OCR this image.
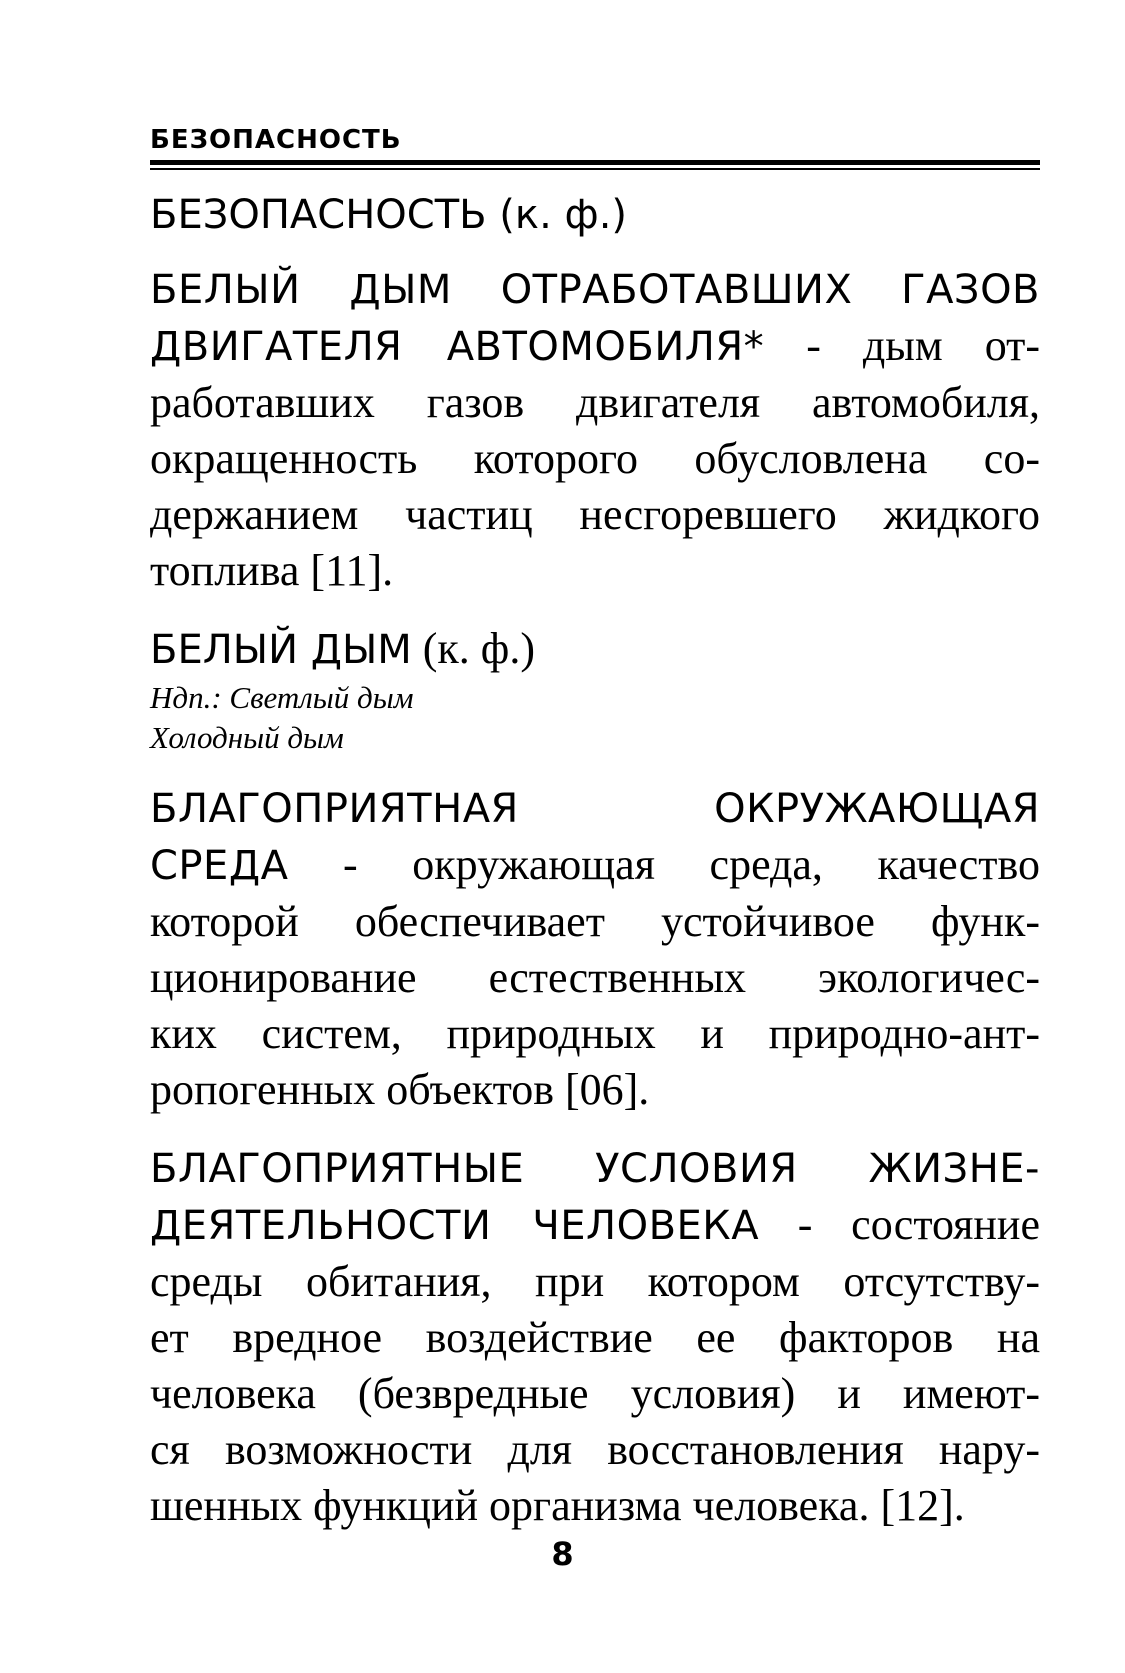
БЕЗОПАСНОСТЬ
БЕЗОПАСНОСТЬ (к. ф.)
БЕЛЫЙ ДЫМ ОТРАБОТАВШИХ ГАЗОВ
ДВИГАТЕЛЯ АВТОМОБИЛЯ* - дым от-
работавших газов двигателя автомобиля,
окращенность которого обусловлена со-
держанием частиц несгоревшего жидкого
топлива [11].
БЕЛЫЙ ДЫМ (к. ф.)
Ндп.: Светлый дым
Холодный дым
БЛАГОПРИЯТНАЯ	ОКРУЖАЮЩАЯ
СРЕДА - окружающая среда, качество
которой обеспечивает устойчивое функ-
ционирование естественных экологичес-
ких систем, природных и природно-ант-
ропогенных объектов [06].
БЛАГОПРИЯТНЫЕ УСЛОВИЯ ЖИЗНЕ-
ДЕЯТЕЛЬНОСТИ ЧЕЛОВЕКА - состояние
среды обитания, при котором отсутству-
ет вредное воздействие ее факторов на
человека (безвредные условия) и имеют-
ся возможности для восстановления нару-
шенных функций организма человека. [12].
8
